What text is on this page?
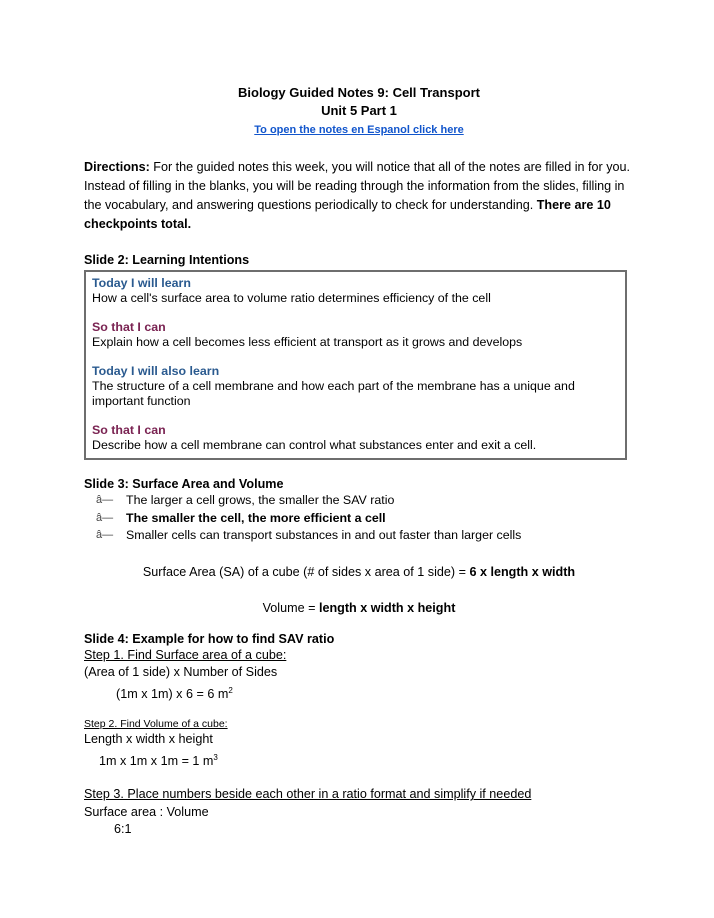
Biology Guided Notes 9: Cell Transport
Unit 5 Part 1
To open the notes en Espanol click here
Directions: For the guided notes this week, you will notice that all of the notes are filled in for you. Instead of filling in the blanks, you will be reading through the information from the slides, filling in the vocabulary, and answering questions periodically to check for understanding. There are 10 checkpoints total.
Slide 2: Learning Intentions
Today I will learn
How a cell's surface area to volume ratio determines efficiency of the cell
So that I can
Explain how a cell becomes less efficient at transport as it grows and develops
Today I will also learn
The structure of a cell membrane and how each part of the membrane has a unique and important function
So that I can
Describe how a cell membrane can control what substances enter and exit a cell.
Slide 3: Surface Area and Volume
â—	The larger a cell grows, the smaller the SAV ratio
â—	The smaller the cell, the more efficient a cell
â—	Smaller cells can transport substances in and out faster than larger cells
Surface Area (SA) of a cube (# of sides x area of 1 side) = 6 x length x width
Volume = length x width x height
Slide 4: Example for how to find SAV ratio
Step 1. Find Surface area of a cube:
(Area of 1 side) x Number of Sides
(1m x 1m) x 6 = 6 $m^2$
Step 2. Find Volume of a cube:
Length x width x height
1m x 1m x 1m = 1 $m^3$
Step 3. Place numbers beside each other in a ratio format and simplify if needed
Surface area : Volume
6:1
